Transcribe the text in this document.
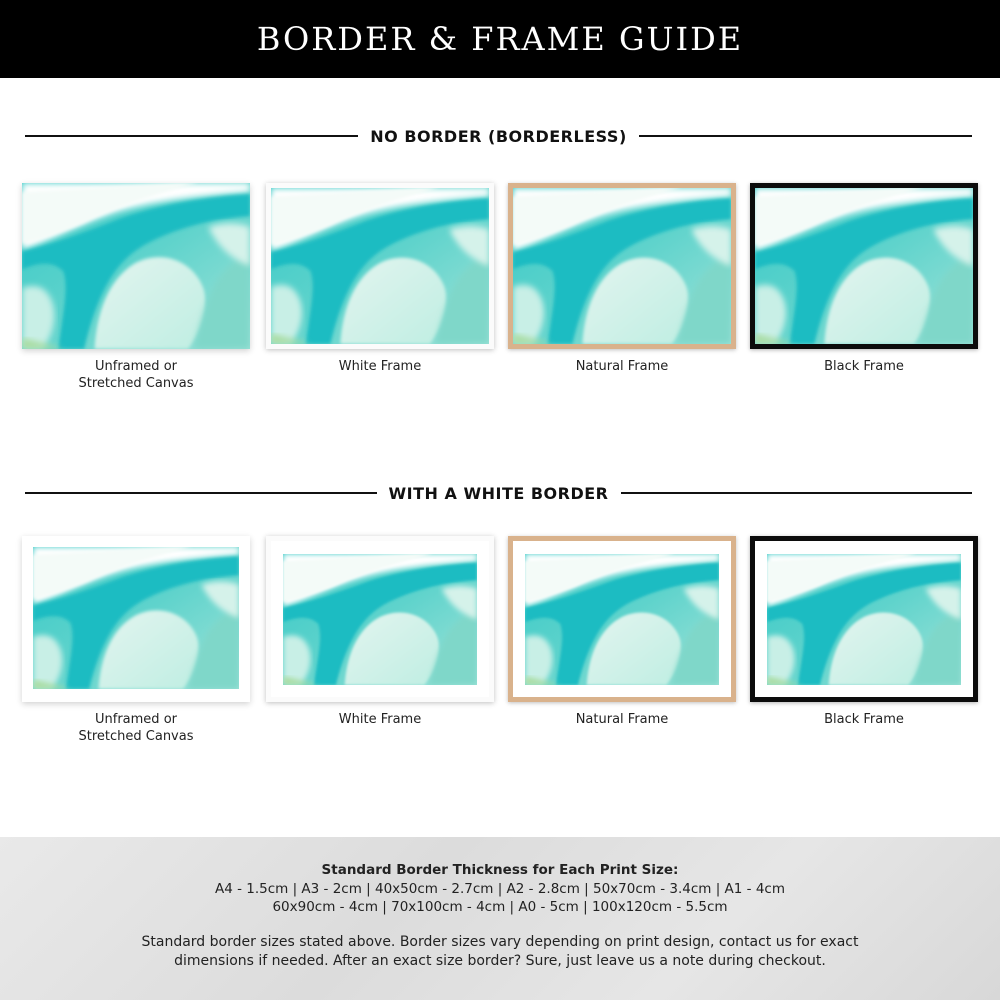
BORDER & FRAME GUIDE
NO BORDER (BORDERLESS)
Unframed or
Stretched Canvas
White Frame	Natural Frame	Black Frame
WITH A WHITE BORDER
Unframed or
Stretched Canvas
White Frame	Natural Frame	Black Frame
Standard Border Thickness for Each Print Size:
A4 - 1.5cm | A3 - 2cm | 40x50cm - 2.7cm | A2 - 2.8cm | 50x70cm - 3.4cm | A1 - 4cm
60x90cm - 4cm | 70x100cm - 4cm | A0 - 5cm | 100x120cm - 5.5cm
Standard border sizes stated above. Border sizes vary depending on print design, contact us for exact dimensions if needed. After an exact size border? Sure, just leave us a note during checkout.
